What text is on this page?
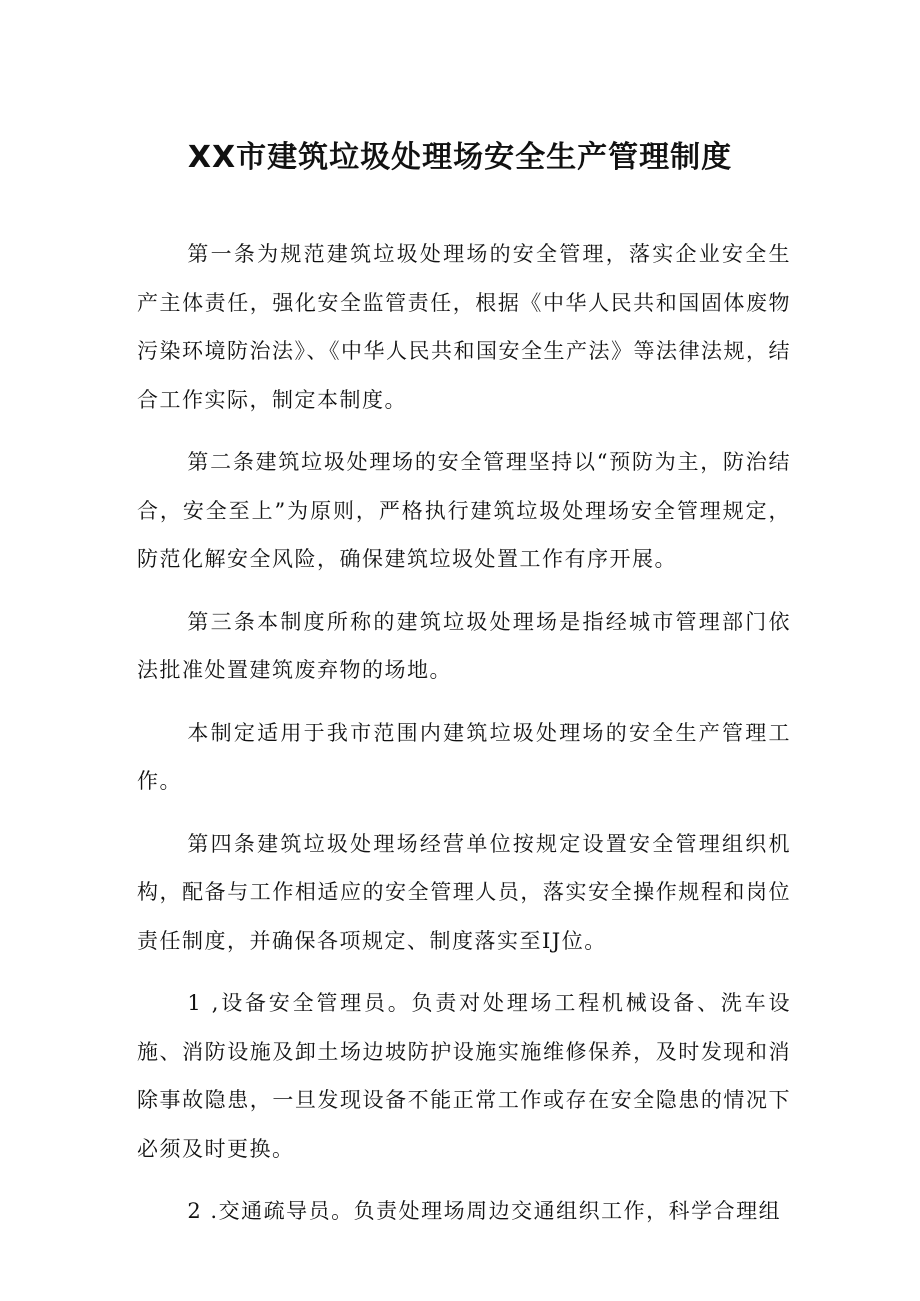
XX市建筑垃圾处理场安全生产管理制度

第一条为规范建筑垃圾处理场的安全管理，落实企业安全生产主体责任，强化安全监管责任，根据《中华人民共和国固体废物污染环境防治法》、《中华人民共和国安全生产法》等法律法规，结合工作实际，制定本制度。

第二条建筑垃圾处理场的安全管理坚持以“预防为主，防治结合，安全至上”为原则，严格执行建筑垃圾处理场安全管理规定，防范化解安全风险，确保建筑垃圾处置工作有序开展。

第三条本制度所称的建筑垃圾处理场是指经城市管理部门依法批准处置建筑废弃物的场地。

本制定适用于我市范围内建筑垃圾处理场的安全生产管理工作。

第四条建筑垃圾处理场经营单位按规定设置安全管理组织机构，配备与工作相适应的安全管理人员，落实安全操作规程和岗位责任制度，并确保各项规定、制度落实至IJ位。

1 ,设备安全管理员。负责对处理场工程机械设备、洗车设施、消防设施及卸土场边坡防护设施实施维修保养，及时发现和消除事故隐患，一旦发现设备不能正常工作或存在安全隐患的情况下必须及时更换。

2 .交通疏导员。负责处理场周边交通组织工作，科学合理组
